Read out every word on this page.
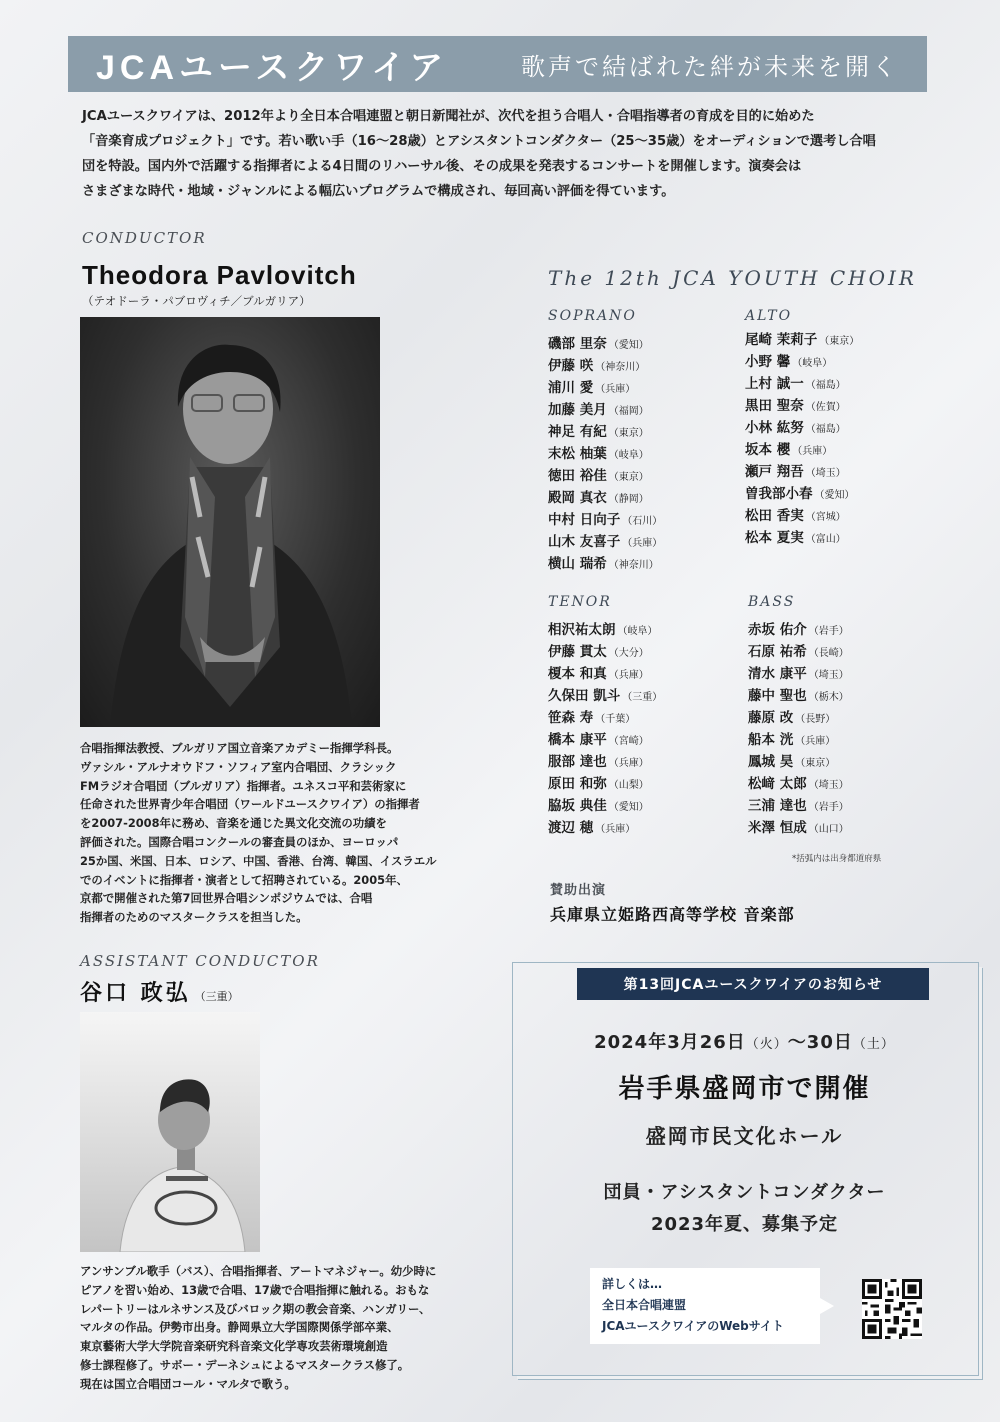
JCAユースクワイア	歌声で結ばれた絆が未来を開く
JCAユースクワイアは、2012年より全日本合唱連盟と朝日新聞社が、次代を担う合唱人・合唱指導者の育成を目的に始めた
「音楽育成プロジェクト」です。若い歌い手（16～28歳）とアシスタントコンダクター（25～35歳）をオーディションで選考し合唱
団を特設。国内外で活躍する指揮者による4日間のリハーサル後、その成果を発表するコンサートを開催します。演奏会は
さまざまな時代・地域・ジャンルによる幅広いプログラムで構成され、毎回高い評価を得ています。
CONDUCTOR
Theodora Pavlovitch
（テオドーラ・パブロヴィチ／ブルガリア）
合唱指揮法教授、ブルガリア国立音楽アカデミー指揮学科長。
ヴァシル・アルナオウドフ・ソフィア室内合唱団、クラシック
FMラジオ合唱団（ブルガリア）指揮者。ユネスコ平和芸術家に
任命された世界青少年合唱団（ワールドユースクワイア）の指揮者
を2007-2008年に務め、音楽を通じた異文化交流の功績を
評価された。国際合唱コンクールの審査員のほか、ヨーロッパ
25か国、米国、日本、ロシア、中国、香港、台湾、韓国、イスラエル
でのイベントに指揮者・演者として招聘されている。2005年、
京都で開催された第7回世界合唱シンポジウムでは、合唱
指揮者のためのマスタークラスを担当した。
ASSISTANT CONDUCTOR
谷口 政弘 （三重）
アンサンブル歌手（バス）、合唱指揮者、アートマネジャー。幼少時に
ピアノを習い始め、13歳で合唱、17歳で合唱指揮に触れる。おもな
レパートリーはルネサンス及びバロック期の教会音楽、ハンガリー、
マルタの作品。伊勢市出身。静岡県立大学国際関係学部卒業、
東京藝術大学大学院音楽研究科音楽文化学専攻芸術環境創造
修士課程修了。サボー・デーネシュによるマスタークラス修了。
現在は国立合唱団コール・マルタで歌う。
The 12th JCA YOUTH CHOIR
SOPRANO
磯部 里奈 （愛知）
伊藤 咲 （神奈川）
浦川 愛 （兵庫）
加藤 美月 （福岡）
神足 有紀 （東京）
末松 柚葉 （岐阜）
徳田 裕佳 （東京）
殿岡 真衣 （静岡）
中村 日向子 （石川）
山木 友喜子 （兵庫）
横山 瑞希 （神奈川）
ALTO
尾崎 茉莉子 （東京）
小野 馨 （岐阜）
上村 誠一 （福島）
黒田 聖奈 （佐賀）
小林 紘努 （福島）
坂本 櫻 （兵庫）
瀬戸 翔吾 （埼玉）
曽我部小春 （愛知）
松田 香実 （宮城）
松本 夏実 （富山）
TENOR
相沢祐太朗 （岐阜）
伊藤 貫太 （大分）
榎本 和真 （兵庫）
久保田 凱斗 （三重）
笹森 寿 （千葉）
橋本 康平 （宮崎）
服部 達也 （兵庫）
原田 和弥 （山梨）
脇坂 典佳 （愛知）
渡辺 穂 （兵庫）
BASS
赤坂 佑介 （岩手）
石原 祐希 （長崎）
清水 康平 （埼玉）
藤中 聖也 （栃木）
藤原 改 （長野）
船本 洸 （兵庫）
鳳城 昊 （東京）
松﨑 太郎 （埼玉）
三浦 達也 （岩手）
米澤 恒成 （山口）
*括弧内は出身都道府県
賛助出演
兵庫県立姫路西高等学校 音楽部
第13回JCAユースクワイアのお知らせ
2024年3月26日（火）～30日（土）
岩手県盛岡市で開催
盛岡市民文化ホール
団員・アシスタントコンダクター
2023年夏、募集予定
詳しくは…
全日本合唱連盟
JCAユースクワイアのWebサイト
